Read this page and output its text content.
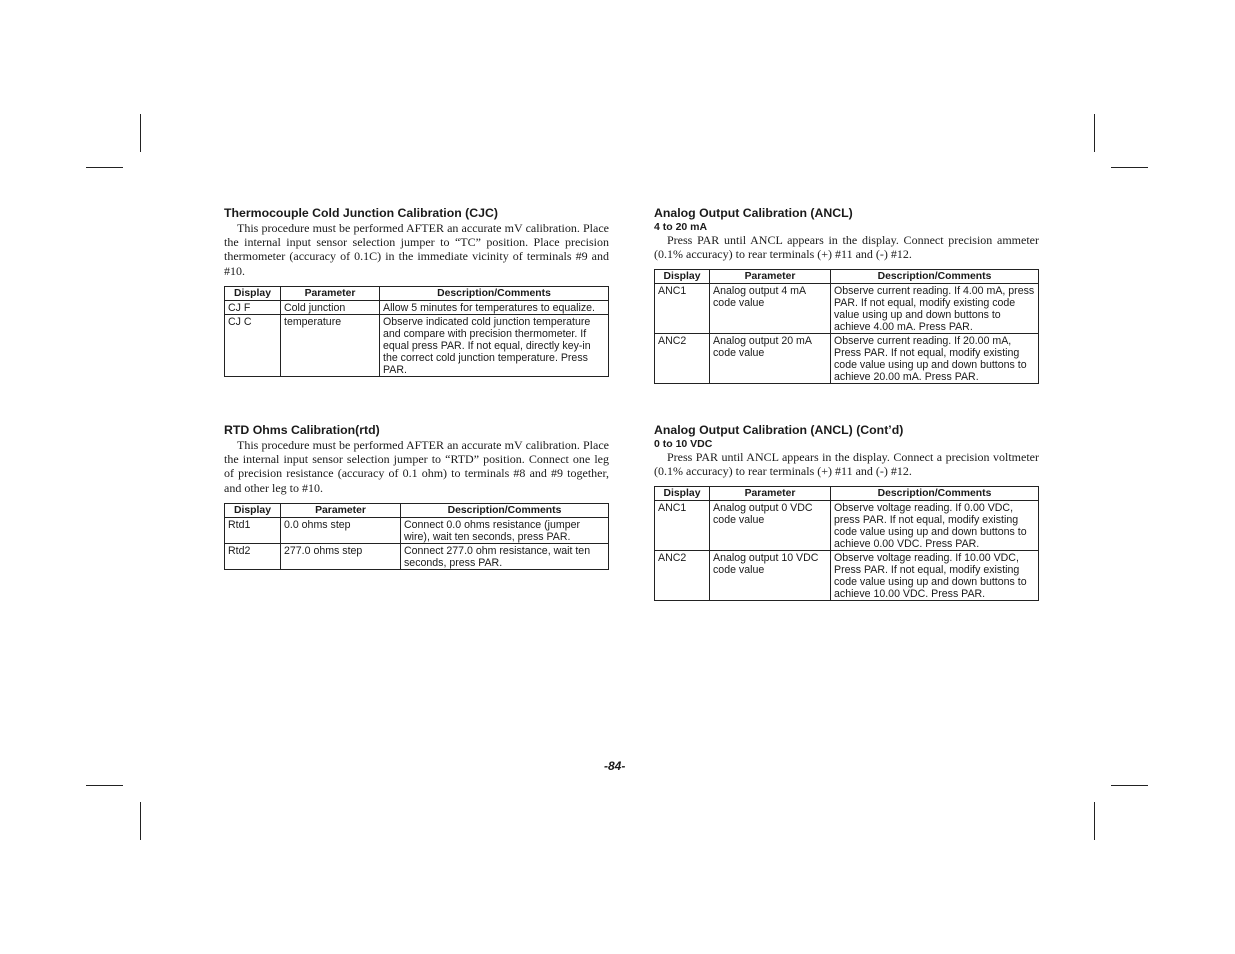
Thermocouple Cold Junction Calibration (CJC)

This procedure must be performed AFTER an accurate mV calibration. Place the internal input sensor selection jumper to “TC” position. Place precision thermometer (accuracy of 0.1C) in the immediate vicinity of terminals #9 and #10.

Display	Parameter	Description/Comments
CJ F	Cold junction	Allow 5 minutes for temperatures to equalize.
CJ C	temperature	Observe indicated cold junction temperature and compare with precision thermometer. If equal press PAR. If not equal, directly key-in the correct cold junction temperature. Press PAR.
RTD Ohms Calibration(rtd)

This procedure must be performed AFTER an accurate mV calibration. Place the internal input sensor selection jumper to “RTD” position. Connect one leg of precision resistance (accuracy of 0.1 ohm) to terminals #8 and #9 together, and other leg to #10.

Display	Parameter	Description/Comments
Rtd1	0.0 ohms step	Connect 0.0 ohms resistance (jumper wire), wait ten seconds, press PAR.
Rtd2	277.0 ohms step	Connect 277.0 ohm resistance, wait ten seconds, press PAR.
Analog Output Calibration (ANCL)
4 to 20 mA

Press PAR until ANCL appears in the display. Connect precision ammeter (0.1% accuracy) to rear terminals (+) #11 and (-) #12.

Display	Parameter	Description/Comments
ANC1	Analog output 4 mA code value	Observe current reading. If 4.00 mA, press PAR. If not equal, modify existing code value using up and down buttons to achieve 4.00 mA. Press PAR.
ANC2	Analog output 20 mA code value	Observe current reading. If 20.00 mA, Press PAR. If not equal, modify existing code value using up and down buttons to achieve 20.00 mA. Press PAR.
Analog Output Calibration (ANCL) (Cont’d)
0 to 10 VDC

Press PAR until ANCL appears in the display. Connect a precision voltmeter (0.1% accuracy) to rear terminals (+) #11 and (-) #12.

Display	Parameter	Description/Comments
ANC1	Analog output 0 VDC code value	Observe voltage reading. If 0.00 VDC, press PAR. If not equal, modify existing code value using up and down buttons to achieve 0.00 VDC. Press PAR.
ANC2	Analog output 10 VDC code value	Observe voltage reading. If 10.00 VDC, Press PAR. If not equal, modify existing code value using up and down buttons to achieve 10.00 VDC. Press PAR.
-84-
